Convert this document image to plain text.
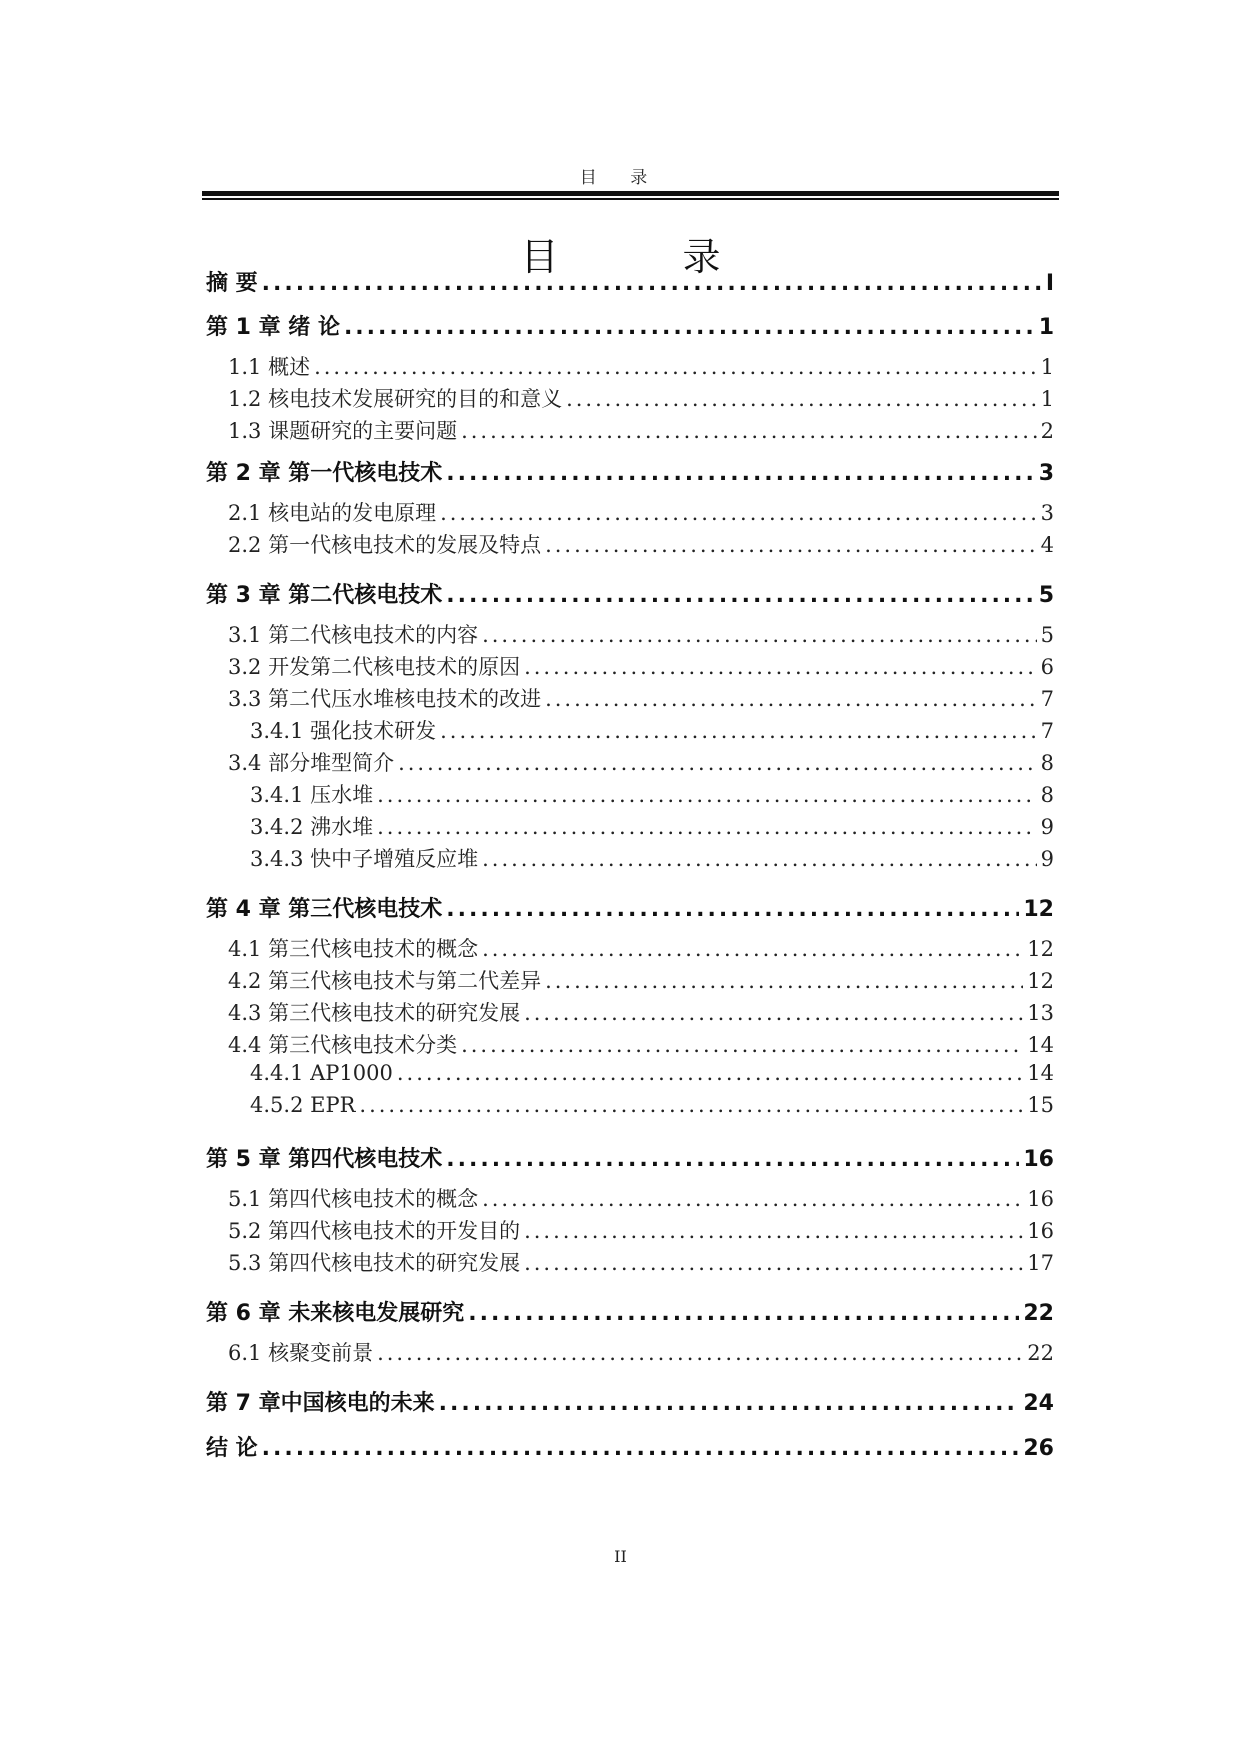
目 录
目 录
摘 要 .....	I
第 1 章 绪 论 .....	1
1.1 概述 .....	1
1.2 核电技术发展研究的目的和意义 .....	1
1.3 课题研究的主要问题 .....	2
第 2 章 第一代核电技术 .....	3
2.1 核电站的发电原理 .....	3
2.2 第一代核电技术的发展及特点 .....	4
第 3 章 第二代核电技术 .....	5
3.1 第二代核电技术的内容 .....	5
3.2 开发第二代核电技术的原因 .....	6
3.3 第二代压水堆核电技术的改进 .....	7
3.4.1 强化技术研发 .....	7
3.4 部分堆型简介 .....	8
3.4.1 压水堆 .....	8
3.4.2 沸水堆 .....	9
3.4.3 快中子增殖反应堆 .....	9
第 4 章 第三代核电技术 .....	12
4.1 第三代核电技术的概念 .....	12
4.2 第三代核电技术与第二代差异 .....	12
4.3 第三代核电技术的研究发展 .....	13
4.4 第三代核电技术分类 .....	14
4.4.1 AP1000 .....	14
4.5.2 EPR .....	15
第 5 章 第四代核电技术 .....	16
5.1 第四代核电技术的概念 .....	16
5.2 第四代核电技术的开发目的 .....	16
5.3 第四代核电技术的研究发展 .....	17
第 6 章 未来核电发展研究 .....	22
6.1 核聚变前景 .....	22
第 7 章中国核电的未来 .....	24
结 论 .....	26
II
